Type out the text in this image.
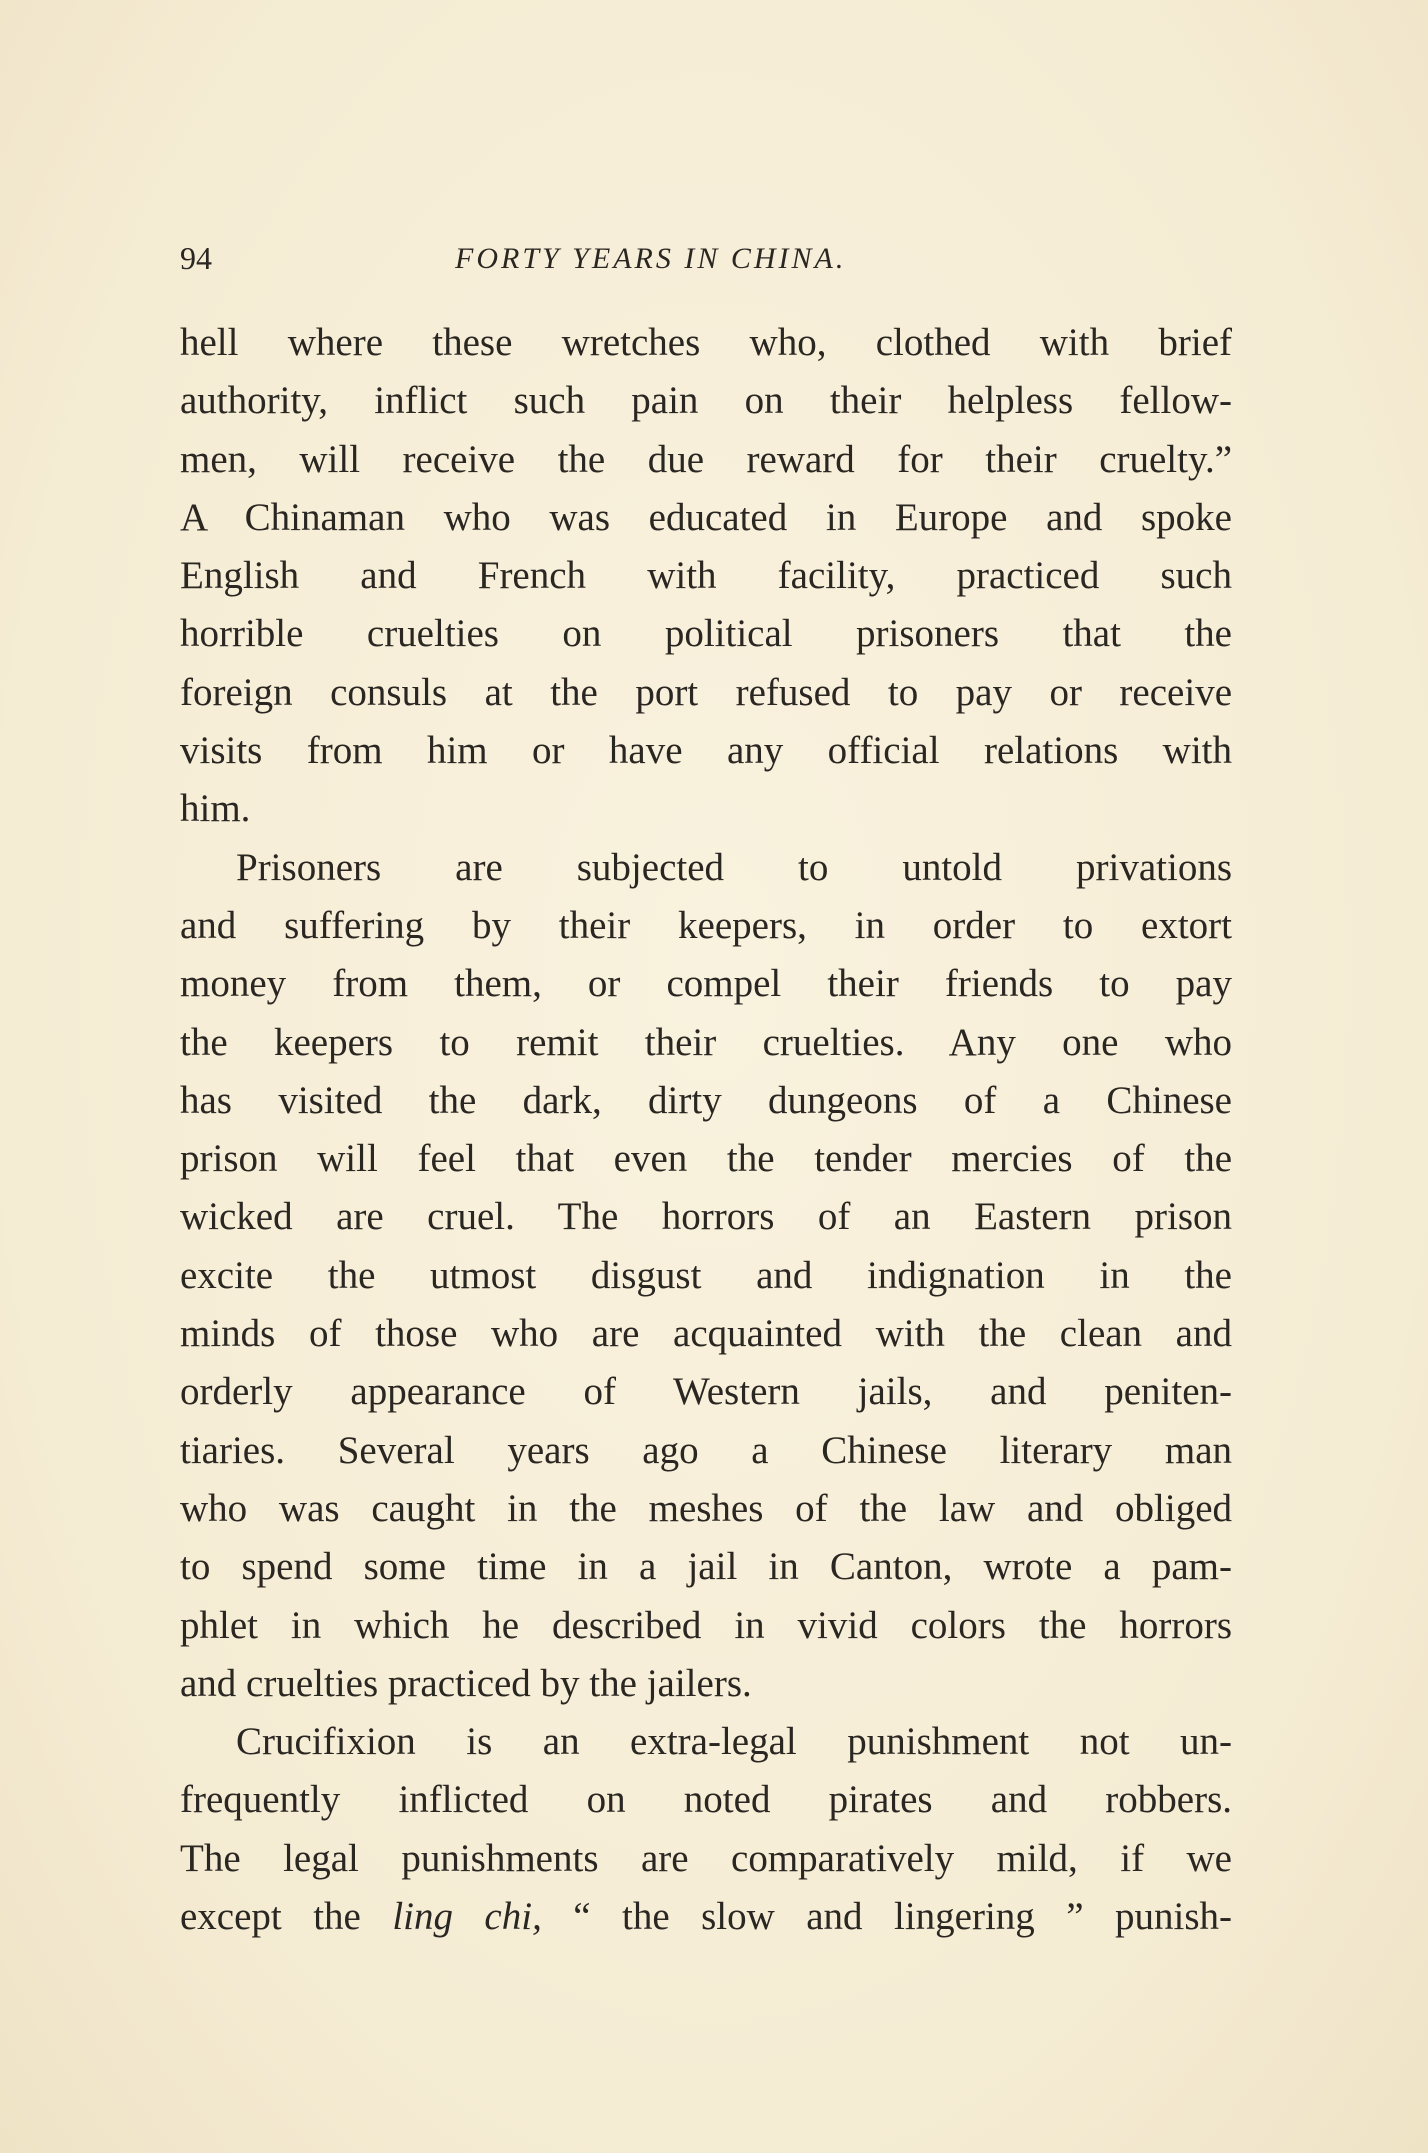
94	FORTY YEARS IN CHINA.
hell where these wretches who, clothed with brief
authority, inflict such pain on their helpless fellow-
men, will receive the due reward for their cruelty.”
A Chinaman who was educated in Europe and spoke
English and French with facility, practiced such
horrible cruelties on political prisoners that the
foreign consuls at the port refused to pay or receive
visits from him or have any official relations with
him.
Prisoners are subjected to untold privations
and suffering by their keepers, in order to extort
money from them, or compel their friends to pay
the keepers to remit their cruelties. Any one who
has visited the dark, dirty dungeons of a Chinese
prison will feel that even the tender mercies of the
wicked are cruel. The horrors of an Eastern prison
excite the utmost disgust and indignation in the
minds of those who are acquainted with the clean and
orderly appearance of Western jails, and peniten-
tiaries. Several years ago a Chinese literary man
who was caught in the meshes of the law and obliged
to spend some time in a jail in Canton, wrote a pam-
phlet in which he described in vivid colors the horrors
and cruelties practiced by the jailers.
Crucifixion is an extra-legal punishment not un-
frequently inflicted on noted pirates and robbers.
The legal punishments are comparatively mild, if we
except the ling chi, “ the slow and lingering ” punish-
